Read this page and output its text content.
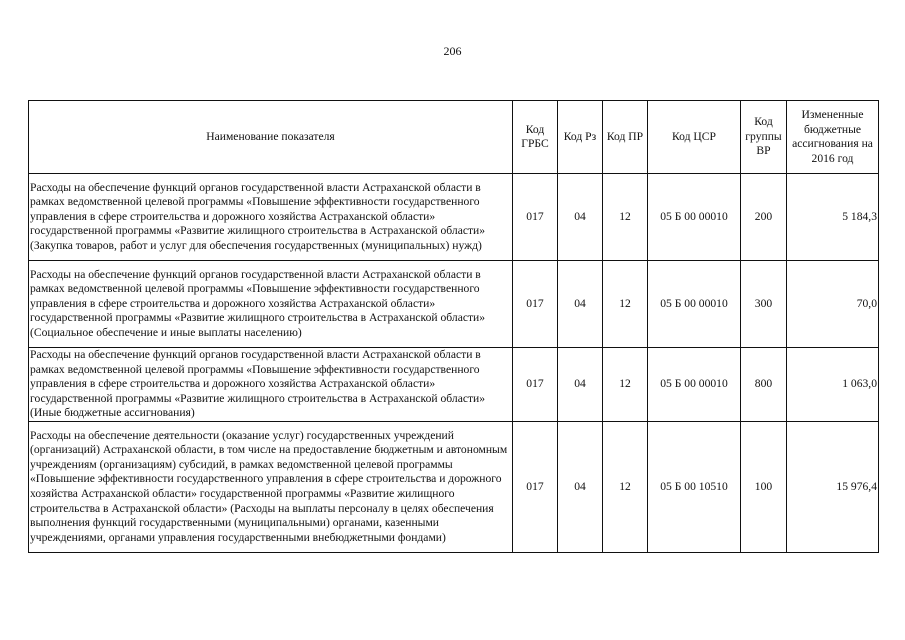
206
Наименование показателя	Код ГРБС	Код Рз	Код ПР	Код ЦСР	Код группы ВР	Измененные бюджетные ассигнования на 2016 год
Расходы на обеспечение функций органов государственной власти Астраханской области в рамках ведомственной целевой программы «Повышение эффективности государственного управления в сфере строительства и дорожного хозяйства Астраханской области» государственной программы «Развитие жилищного строительства в Астраханской области» (Закупка товаров, работ и услуг для обеспечения государственных (муниципальных) нужд)	017	04	12	05 Б 00 00010	200	5 184,3
Расходы на обеспечение функций органов государственной власти Астраханской области в рамках ведомственной целевой программы «Повышение эффективности государственного управления в сфере строительства и дорожного хозяйства Астраханской области» государственной программы «Развитие жилищного строительства в Астраханской области» (Социальное обеспечение и иные выплаты населению)	017	04	12	05 Б 00 00010	300	70,0
Расходы на обеспечение функций органов государственной власти Астраханской области в рамках ведомственной целевой программы «Повышение эффективности государственного управления в сфере строительства и дорожного хозяйства Астраханской области» государственной программы «Развитие жилищного строительства в Астраханской области» (Иные бюджетные ассигнования)	017	04	12	05 Б 00 00010	800	1 063,0
Расходы на обеспечение деятельности (оказание услуг) государственных учреждений (организаций) Астраханской области, в том числе на предоставление бюджетным и автономным учреждениям (организациям) субсидий, в рамках ведомственной целевой программы «Повышение эффективности государственного управления в сфере строительства и дорожного хозяйства Астраханской области» государственной программы «Развитие жилищного строительства в Астраханской области» (Расходы на выплаты персоналу в целях обеспечения выполнения функций государственными (муниципальными) органами, казенными учреждениями, органами управления государственными внебюджетными фондами)	017	04	12	05 Б 00 10510	100	15 976,4
